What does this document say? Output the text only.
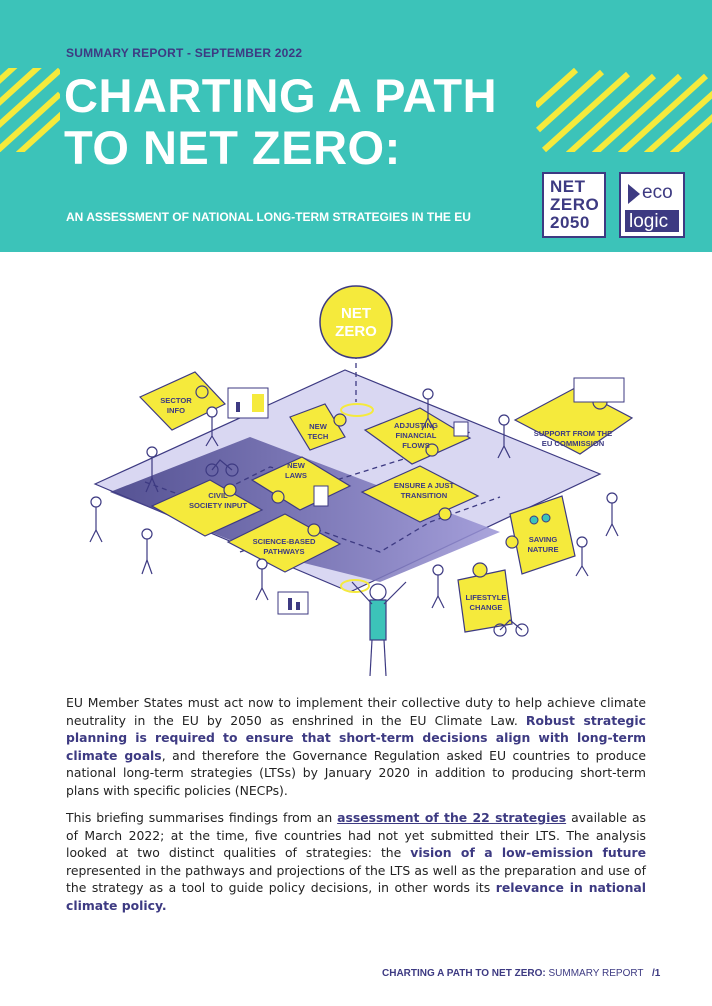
SUMMARY REPORT - SEPTEMBER 2022
CHARTING A PATH
TO NET ZERO:
AN ASSESSMENT OF NATIONAL LONG-TERM STRATEGIES IN THE EU
NET
ZERO
2050
eco
logic
NET
ZERO
SECTOR
INFO
NEW
TECH
ADJUSTING
FINANCIAL
FLOWS
SUPPORT FROM THE
EU COMMISSION
NEW
LAWS
ENSURE A JUST
TRANSITION
CIVIL
SOCIETY INPUT
SCIENCE-BASED
PATHWAYS
SAVING
NATURE
LIFESTYLE
CHANGE

EU Member States must act now to implement their collective duty to help achieve climate neutrality in the EU by 2050 as enshrined in the EU Climate Law. Robust strategic planning is required to ensure that short-term decisions align with long-term climate goals, and therefore the Governance Regulation asked EU countries to produce national long-term strategies (LTSs) by January 2020 in addition to producing short-term plans with specific policies (NECPs).

This briefing summarises findings from an assessment of the 22 strategies available as of March 2022; at the time, five countries had not yet submitted their LTS. The analysis looked at two distinct qualities of strategies: the vision of a low-emission future represented in the pathways and projections of the LTS as well as the preparation and use of the strategy as a tool to guide policy decisions, in other words its relevance in national climate policy.

CHARTING A PATH TO NET ZERO: SUMMARY REPORT /1
